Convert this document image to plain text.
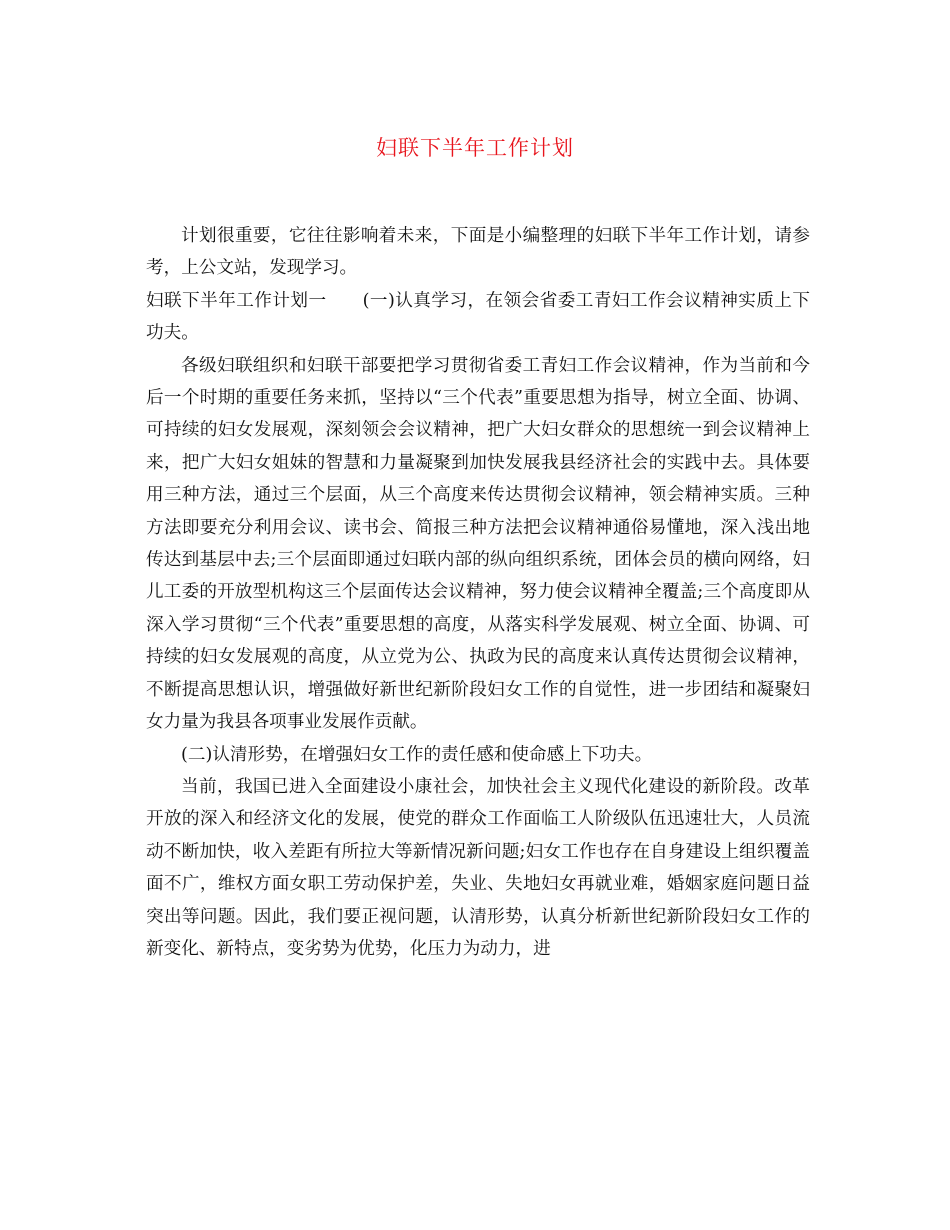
妇联下半年工作计划

计划很重要，它往往影响着未来，下面是小编整理的妇联下半年工作计划，请参考，上公文站，发现学习。

妇联下半年工作计划一　　(一)认真学习，在领会省委工青妇工作会议精神实质上下功夫。

各级妇联组织和妇联干部要把学习贯彻省委工青妇工作会议精神，作为当前和今后一个时期的重要任务来抓，坚持以“三个代表”重要思想为指导，树立全面、协调、可持续的妇女发展观，深刻领会会议精神，把广大妇女群众的思想统一到会议精神上来，把广大妇女姐妹的智慧和力量凝聚到加快发展我县经济社会的实践中去。具体要用三种方法，通过三个层面，从三个高度来传达贯彻会议精神，领会精神实质。三种方法即要充分利用会议、读书会、简报三种方法把会议精神通俗易懂地，深入浅出地传达到基层中去;三个层面即通过妇联内部的纵向组织系统，团体会员的横向网络，妇儿工委的开放型机构这三个层面传达会议精神，努力使会议精神全覆盖;三个高度即从深入学习贯彻“三个代表”重要思想的高度，从落实科学发展观、树立全面、协调、可持续的妇女发展观的高度，从立党为公、执政为民的高度来认真传达贯彻会议精神，不断提高思想认识，增强做好新世纪新阶段妇女工作的自觉性，进一步团结和凝聚妇女力量为我县各项事业发展作贡献。

(二)认清形势，在增强妇女工作的责任感和使命感上下功夫。

当前，我国已进入全面建设小康社会，加快社会主义现代化建设的新阶段。改革开放的深入和经济文化的发展，使党的群众工作面临工人阶级队伍迅速壮大，人员流动不断加快，收入差距有所拉大等新情况新问题;妇女工作也存在自身建设上组织覆盖面不广，维权方面女职工劳动保护差，失业、失地妇女再就业难，婚姻家庭问题日益突出等问题。因此，我们要正视问题，认清形势，认真分析新世纪新阶段妇女工作的新变化、新特点，变劣势为优势，化压力为动力，进
